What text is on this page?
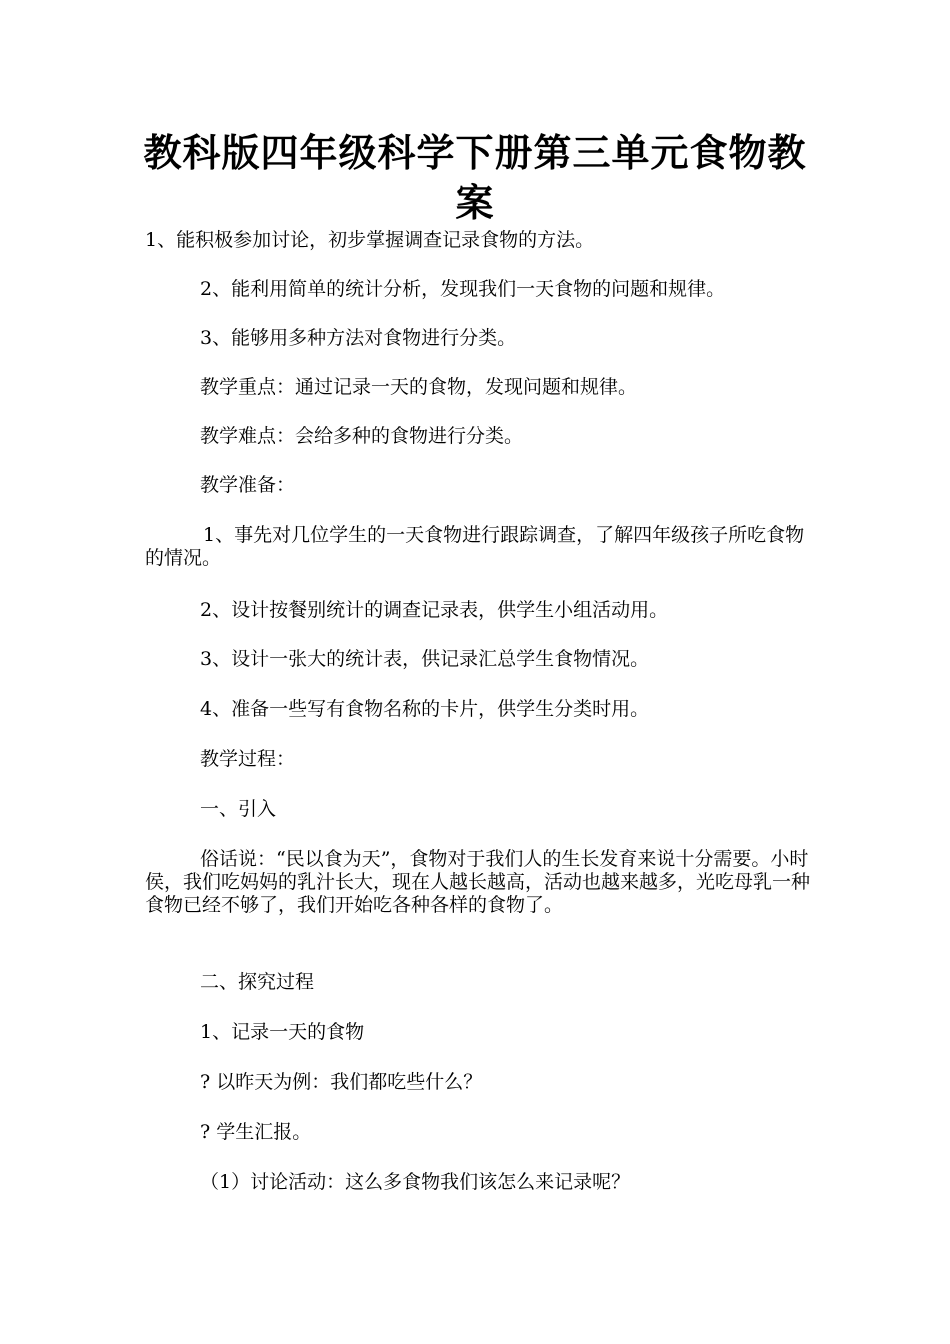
教科版四年级科学下册第三单元食物教案

1、能积极参加讨论，初步掌握调查记录食物的方法。

2、能利用简单的统计分析，发现我们一天食物的问题和规律。

3、能够用多种方法对食物进行分类。

教学重点：通过记录一天的食物，发现问题和规律。

教学难点：会给多种的食物进行分类。

教学准备：

1、事先对几位学生的一天食物进行跟踪调查，了解四年级孩子所吃食物的情况。

2、设计按餐别统计的调查记录表，供学生小组活动用。

3、设计一张大的统计表，供记录汇总学生食物情况。

4、准备一些写有食物名称的卡片，供学生分类时用。

教学过程：

一、引入

俗话说：“民以食为天”，食物对于我们人的生长发育来说十分需要。小时侯，我们吃妈妈的乳汁长大，现在人越长越高，活动也越来越多，光吃母乳一种食物已经不够了，我们开始吃各种各样的食物了。

二、探究过程

1、记录一天的食物

? 以昨天为例：我们都吃些什么？

? 学生汇报。

（1）讨论活动：这么多食物我们该怎么来记录呢？
